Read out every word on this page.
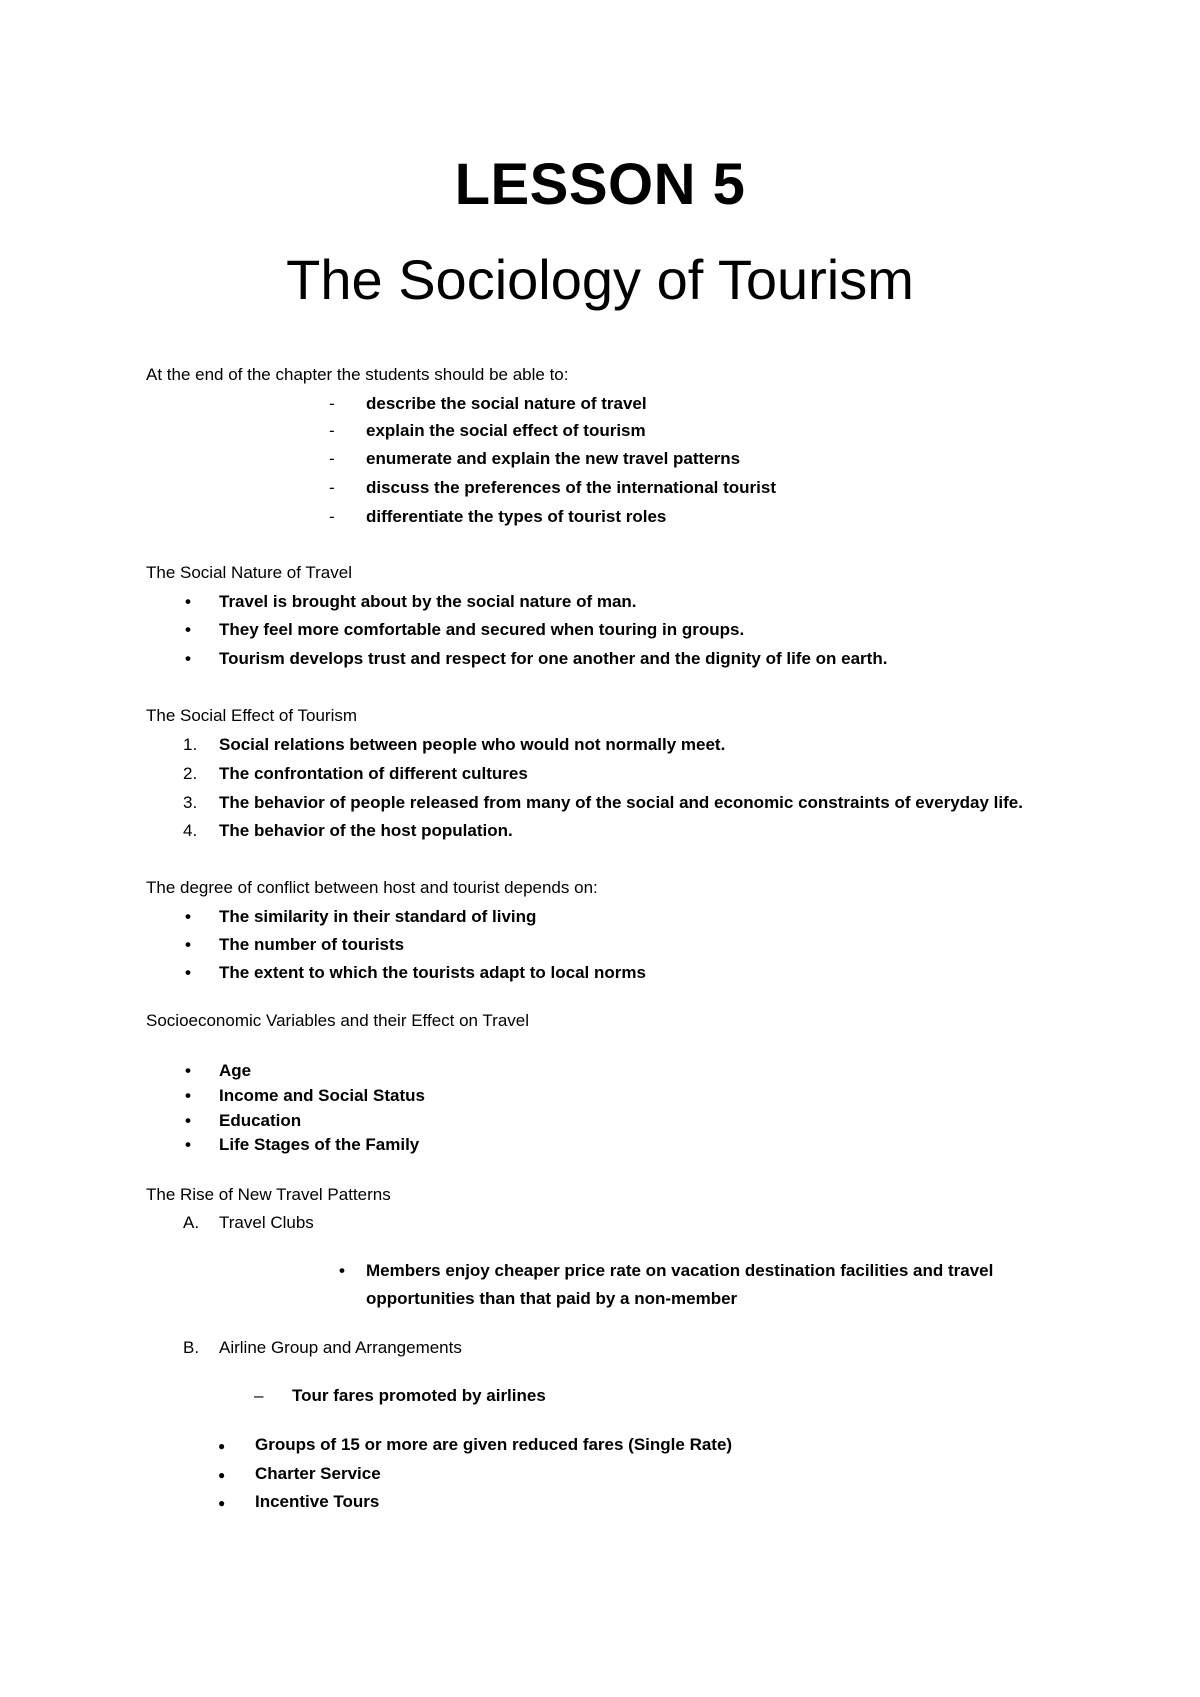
LESSON 5
The Sociology of Tourism
At the end of the chapter the students should be able to:
- describe the social nature of travel
- explain the social effect of tourism
- enumerate and explain the new travel patterns
- discuss the preferences of the international tourist
- differentiate the types of tourist roles
The Social Nature of Travel
• Travel is brought about by the social nature of man.
• They feel more comfortable and secured when touring in groups.
• Tourism develops trust and respect for one another and the dignity of life on earth.
The Social Effect of Tourism
1. Social relations between people who would not normally meet.
2. The confrontation of different cultures
3. The behavior of people released from many of the social and economic constraints of everyday life.
4. The behavior of the host population.
The degree of conflict between host and tourist depends on:
• The similarity in their standard of living
• The number of tourists
• The extent to which the tourists adapt to local norms
Socioeconomic Variables and their Effect on Travel
• Age
• Income and Social Status
• Education
• Life Stages of the Family
The Rise of New Travel Patterns
A. Travel Clubs
• Members enjoy cheaper price rate on vacation destination facilities and travel
opportunities than that paid by a non-member
B. Airline Group and Arrangements
– Tour fares promoted by airlines
● Groups of 15 or more are given reduced fares (Single Rate)
● Charter Service
● Incentive Tours
